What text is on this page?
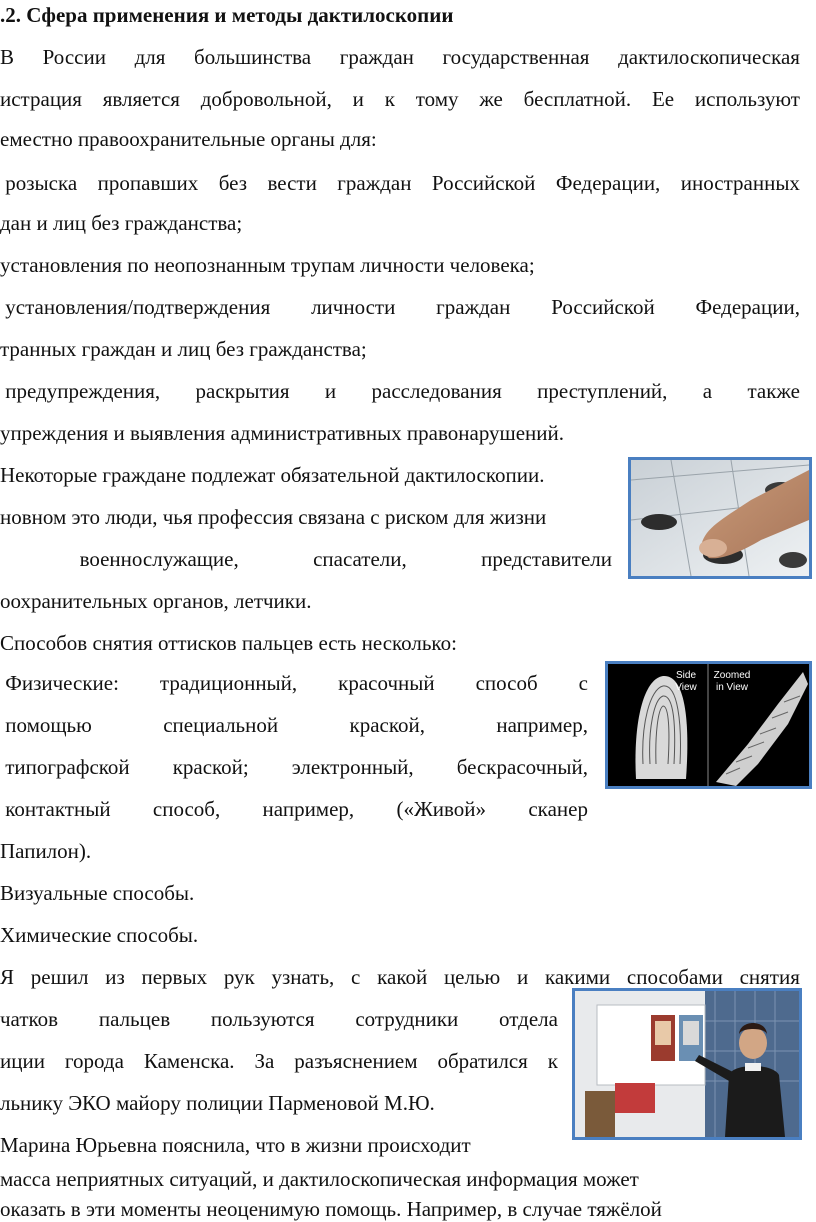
.2. Сфера применения и методы дактилоскопии
В России для большинства граждан государственная дактилоскопическая
истрация является добровольной, и к тому же бесплатной. Ее используют
еместно правоохранительные органы для:
розыска пропавших без вести граждан Российской Федерации, иностранных
дан и лиц без гражданства;
установления по неопознанным трупам личности человека;
установления/подтверждения личности граждан Российской Федерации,
транных граждан и лиц без гражданства;
предупреждения, раскрытия и расследования преступлений, а также
упреждения и выявления административных правонарушений.
Некоторые граждане подлежат обязательной дактилоскопии.
новном это люди, чья профессия связана с риском для жизни

военнослужащие,	спасатели,	представители
оохранительных органов, летчики.
Способов снятия оттисков пальцев есть несколько:
Side
View
Zoomed
in View
Физические: традиционный, красочный способ с
помощью	специальной	краской,	например,
типографской краской; электронный, бескрасочный,
контактный способ, например, («Живой» сканер
Папилон).
Визуальные способы.
Химические способы.
Я решил из первых рук узнать, с какой целью и какими способами снятия
чатков пальцев пользуются сотрудники отдела
иции города Каменска. За разъяснением обратился к
льнику ЭКО майору полиции Пармeновой М.Ю.
Марина Юрьевна пояснила, что в жизни происходит
масса неприятных ситуаций, и дактилоскопическая информация может
оказать в эти моменты неоценимую помощь. Например, в случае тяжёлой
